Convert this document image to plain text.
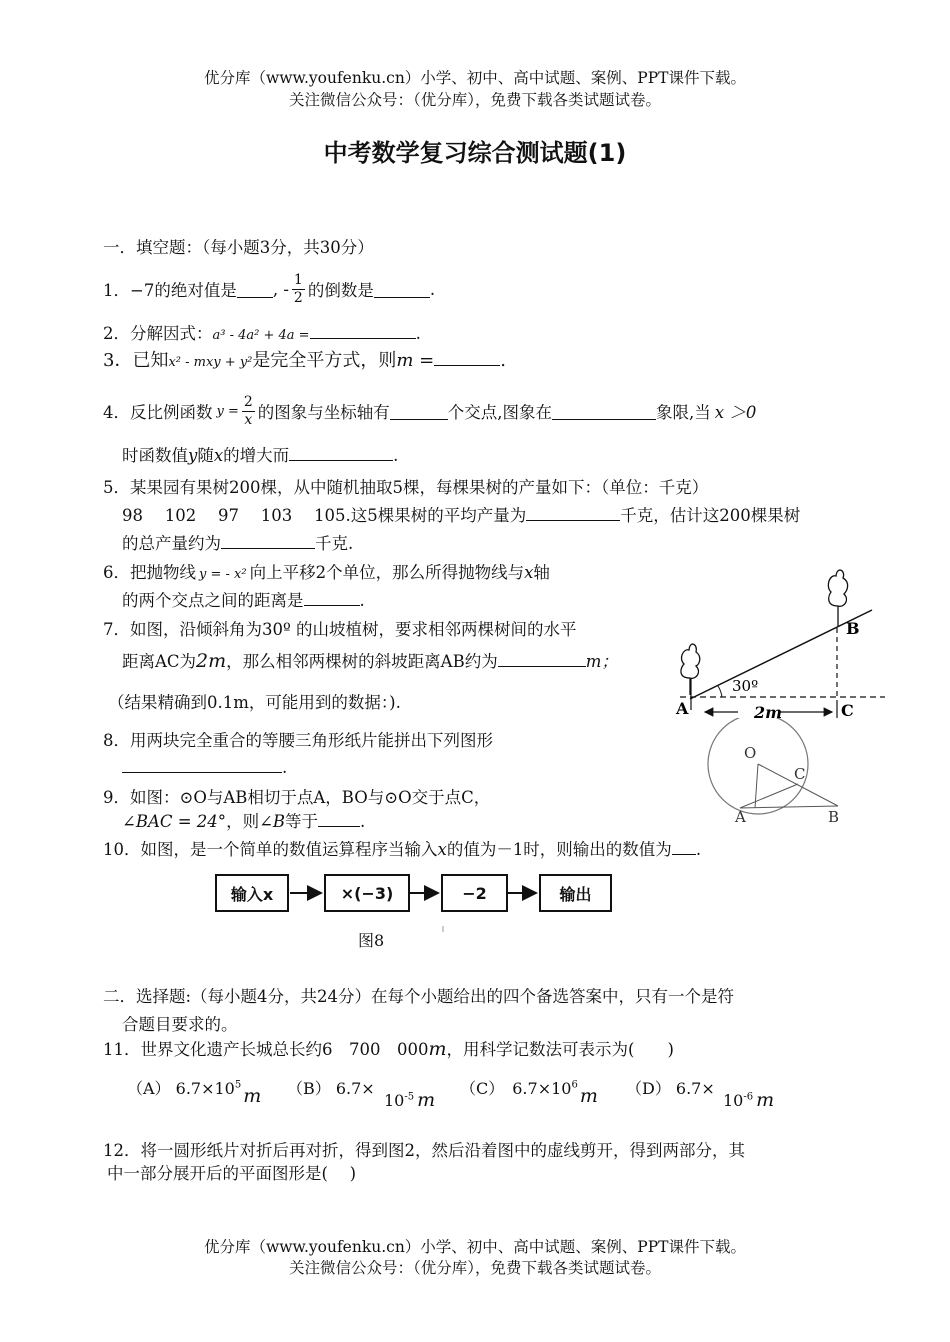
优分库（www.youfenku.cn）小学、初中、高中试题、案例、PPT课件下载。
关注微信公众号：（优分库），免费下载各类试题试卷。
中考数学复习综合测试题(1)
一．填空题：（每小题3分，共30分）
1．−7的绝对值是 , - $\frac{1}{2}$ 的倒数是	.
2．分解因式：a³ - 4a² + 4a =	.
3．已知x² - mxy + y²是完全平方式，则m =	.
4．反比例函数 $y = \frac{2}{x}$ 的图象与坐标轴有	个交点,图象在	象限,当 x ＞0
时函数值y随x的增大而	.
5．某果园有果树200棵，从中随机抽取5棵，每棵果树的产量如下：（单位：千克）
98　 102　 97　 103　 105.这5棵果树的平均产量为	千克，估计这200棵果树
的总产量约为	千克.
6．把抛物线 y = - x² 向上平移2个单位，那么所得抛物线与x轴
的两个交点之间的距离是	.
7．如图，沿倾斜角为30º 的山坡植树，要求相邻两棵树间的水平
距离AC为2m，那么相邻两棵树的斜坡距离AB约为	m；
（结果精确到0.1m，可能用到的数据：).
8．用两块完全重合的等腰三角形纸片能拼出下列图形
.
9．如图：⊙O与AB相切于点A，BO与⊙O交于点C，
∠BAC = 24°，则∠B等于	.
10．如图，是一个简单的数值运算程序当输入x的值为－1时，则输出的数值为 .
输入x	×(−3)	−2	输出
图8
30º
A
B
C
2m
O
C
A	B
二．选择题:（每小题4分，共24分）在每个小题给出的四个备选答案中，只有一个是符
合题目要求的。
11．世界文化遗产长城总长约6　700　000m，用科学记数法可表示为(　　)
（A） $6.7\times 10^5$ m （B） 6.7×
$10^{-5}$ m
（C）　$6.7\times 10^6$ m （D） 6.7×
$10^{-6}$ m
12．将一圆形纸片对折后再对折，得到图2，然后沿着图中的虚线剪开，得到两部分，其
中一部分展开后的平面图形是(　 )
优分库（www.youfenku.cn）小学、初中、高中试题、案例、PPT课件下载。
关注微信公众号：（优分库），免费下载各类试题试卷。
